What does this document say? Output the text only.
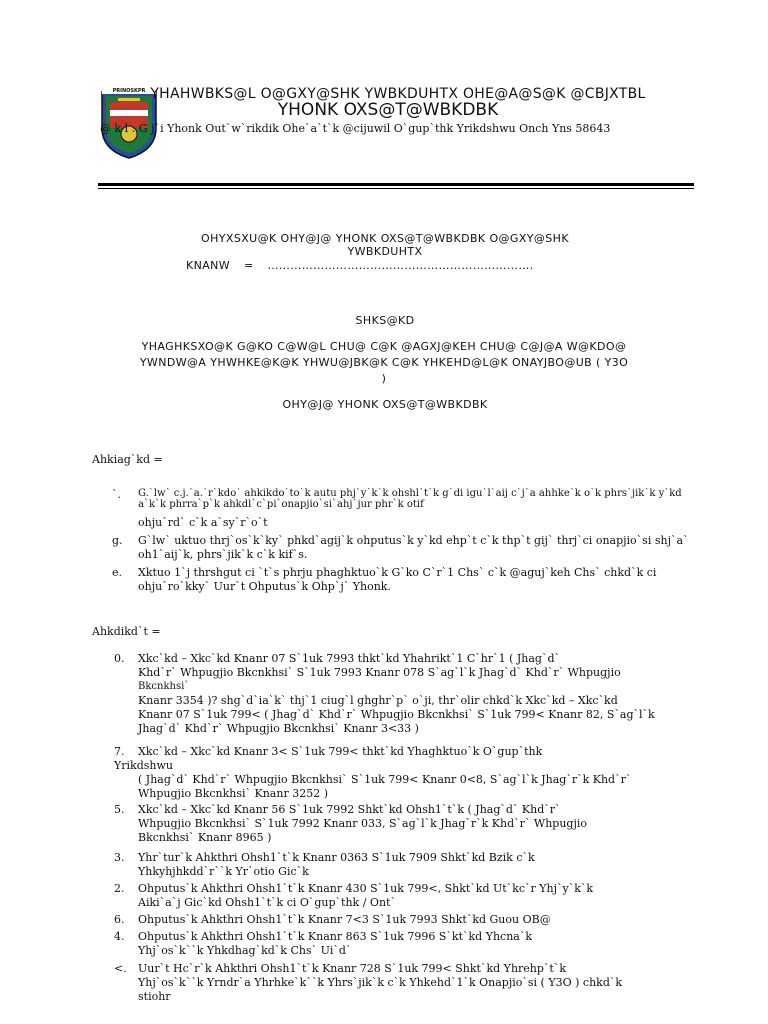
PRINOSKPR YHAHWBKS@L O@GXY@SHK YWBKDUHTX OHE@A@S@K @CBJXTBL
YHONK OXS@T@WBKDBK
@ k l : G j`i Yhonk Out`w`rikdik Ohe`a`t`k @cijuwil O`gup`thk Yrikdshwu Onch Yns 58643
OHYXSXU@K OHY@J@ YHONK OXS@T@WBKDBK O@GXY@SHK
YWBKDUHTX
KNANW = …………………………………………………………….
SHKS@KD
YHAGHKSXO@K G@KO C@W@L CHU@ C@K @AGXJ@KEH CHU@ C@J@A W@KDO@
YWNDW@A YHWHKE@K@K YHWU@JBK@K C@K YHKEHD@L@K ONAYJBO@UB ( Y3O
)
OHY@J@ YHONK OXS@T@WBKDBK
Ahkiag`kd =
`. G.`lw` c.j.`a.`r`kdo` ahkikdo`to`k autu phj`y`k`k ohshl`t`k g`di igu`l`aij c`j`a ahhke`k o`k phrs`jik`k y`kd a`k`k phrra`p`k ahkdl`c`pi`onapjio`si`ahj`jur phr`k otif
ohju`rd` c`k a`sy`r`o`t
g. G`lw` uktuo thrj`os`k`ky` phkd`agij`k ohputus`k y`kd ehp`t c`k thp`t gij` thrj`ci onapjio`si shj`a` oh1`aij`k, phrs`jik`k c`k kif`s.
e. Xktuo 1`j thrshgut ci `t`s phrju phaghktuo`k G`ko C`r`1 Chs` c`k @aguj`keh Chs` chkd`k ci ohju`ro`kky` Uur`t Ohputus`k Ohp`j` Yhonk.
Ahkdikd`t =
0. Xkc`kd – Xkc`kd Knanr 07 S`1uk 7993 thkt`kd Yhahrikt`1 C`hr`1 ( Jhag`d`
Khd`r` Whpugjio Bkcnkhsi` S`1uk 7993 Knanr 078 S`ag`l`k Jhag`d` Khd`r` Whpugjio
Bkcnkhsi`
Knanr 3354 )? shg`d`ia`k` thj`1 ciug`l ghghr`p` o`ji, thr`olir chkd`k Xkc`kd – Xkc`kd
Knanr 07 S`1uk 799< ( Jhag`d` Khd`r` Whpugjio Bkcnkhsi` S`1uk 799< Knanr 82, S`ag`l`k
Jhag`d` Khd`r` Whpugjio Bkcnkhsi` Knanr 3<33 )
7. Xkc`kd – Xkc`kd Knanr 3< S`1uk 799< thkt`kd Yhaghktuo`k O`gup`thk
Yrikdshwu
( Jhag`d` Khd`r` Whpugjio Bkcnkhsi` S`1uk 799< Knanr 0<8, S`ag`l`k Jhag`r`k Khd`r`
Whpugjio Bkcnkhsi` Knanr 3252 )
5. Xkc`kd – Xkc`kd Knanr 56 S`1uk 7992 Shkt`kd Ohsh1`t`k ( Jhag`d` Khd`r`
Whpugjio Bkcnkhsi` S`1uk 7992 Knanr 033, S`ag`l`k Jhag`r`k Khd`r` Whpugjio
Bkcnkhsi` Knanr 8965 )
3. Yhr`tur`k Ahkthri Ohsh1`t`k Knanr 0363 S`1uk 7909 Shkt`kd Bzik c`k
Yhkyhjhkdd`r``k Yr`otio Gic`k
2. Ohputus`k Ahkthri Ohsh1`t`k Knanr 430 S`1uk 799<, Shkt`kd Ut`kc`r Yhj`y`k`k
Aiki`a`j Gic`kd Ohsh1`t`k ci O`gup`thk / Ont`
6. Ohputus`k Ahkthri Ohsh1`t`k Knanr 7<3 S`1uk 7993 Shkt`kd Guou OB@
4. Ohputus`k Ahkthri Ohsh1`t`k Knanr 863 S`1uk 7996 S`kt`kd Yhcna`k
Yhj`os`k``k Yhkdhag`kd`k Chs` Ui`d`
<. Uur`t Hc`r`k Ahkthri Ohsh1`t`k Knanr 728 S`1uk 799< Shkt`kd Yhrehp`t`k
Yhj`os`k``k Yrndr`a Yhrhke`k``k Yhrs`jik`k c`k Yhkehd`1`k Onapjio`si ( Y3O ) chkd`k
stiohr
